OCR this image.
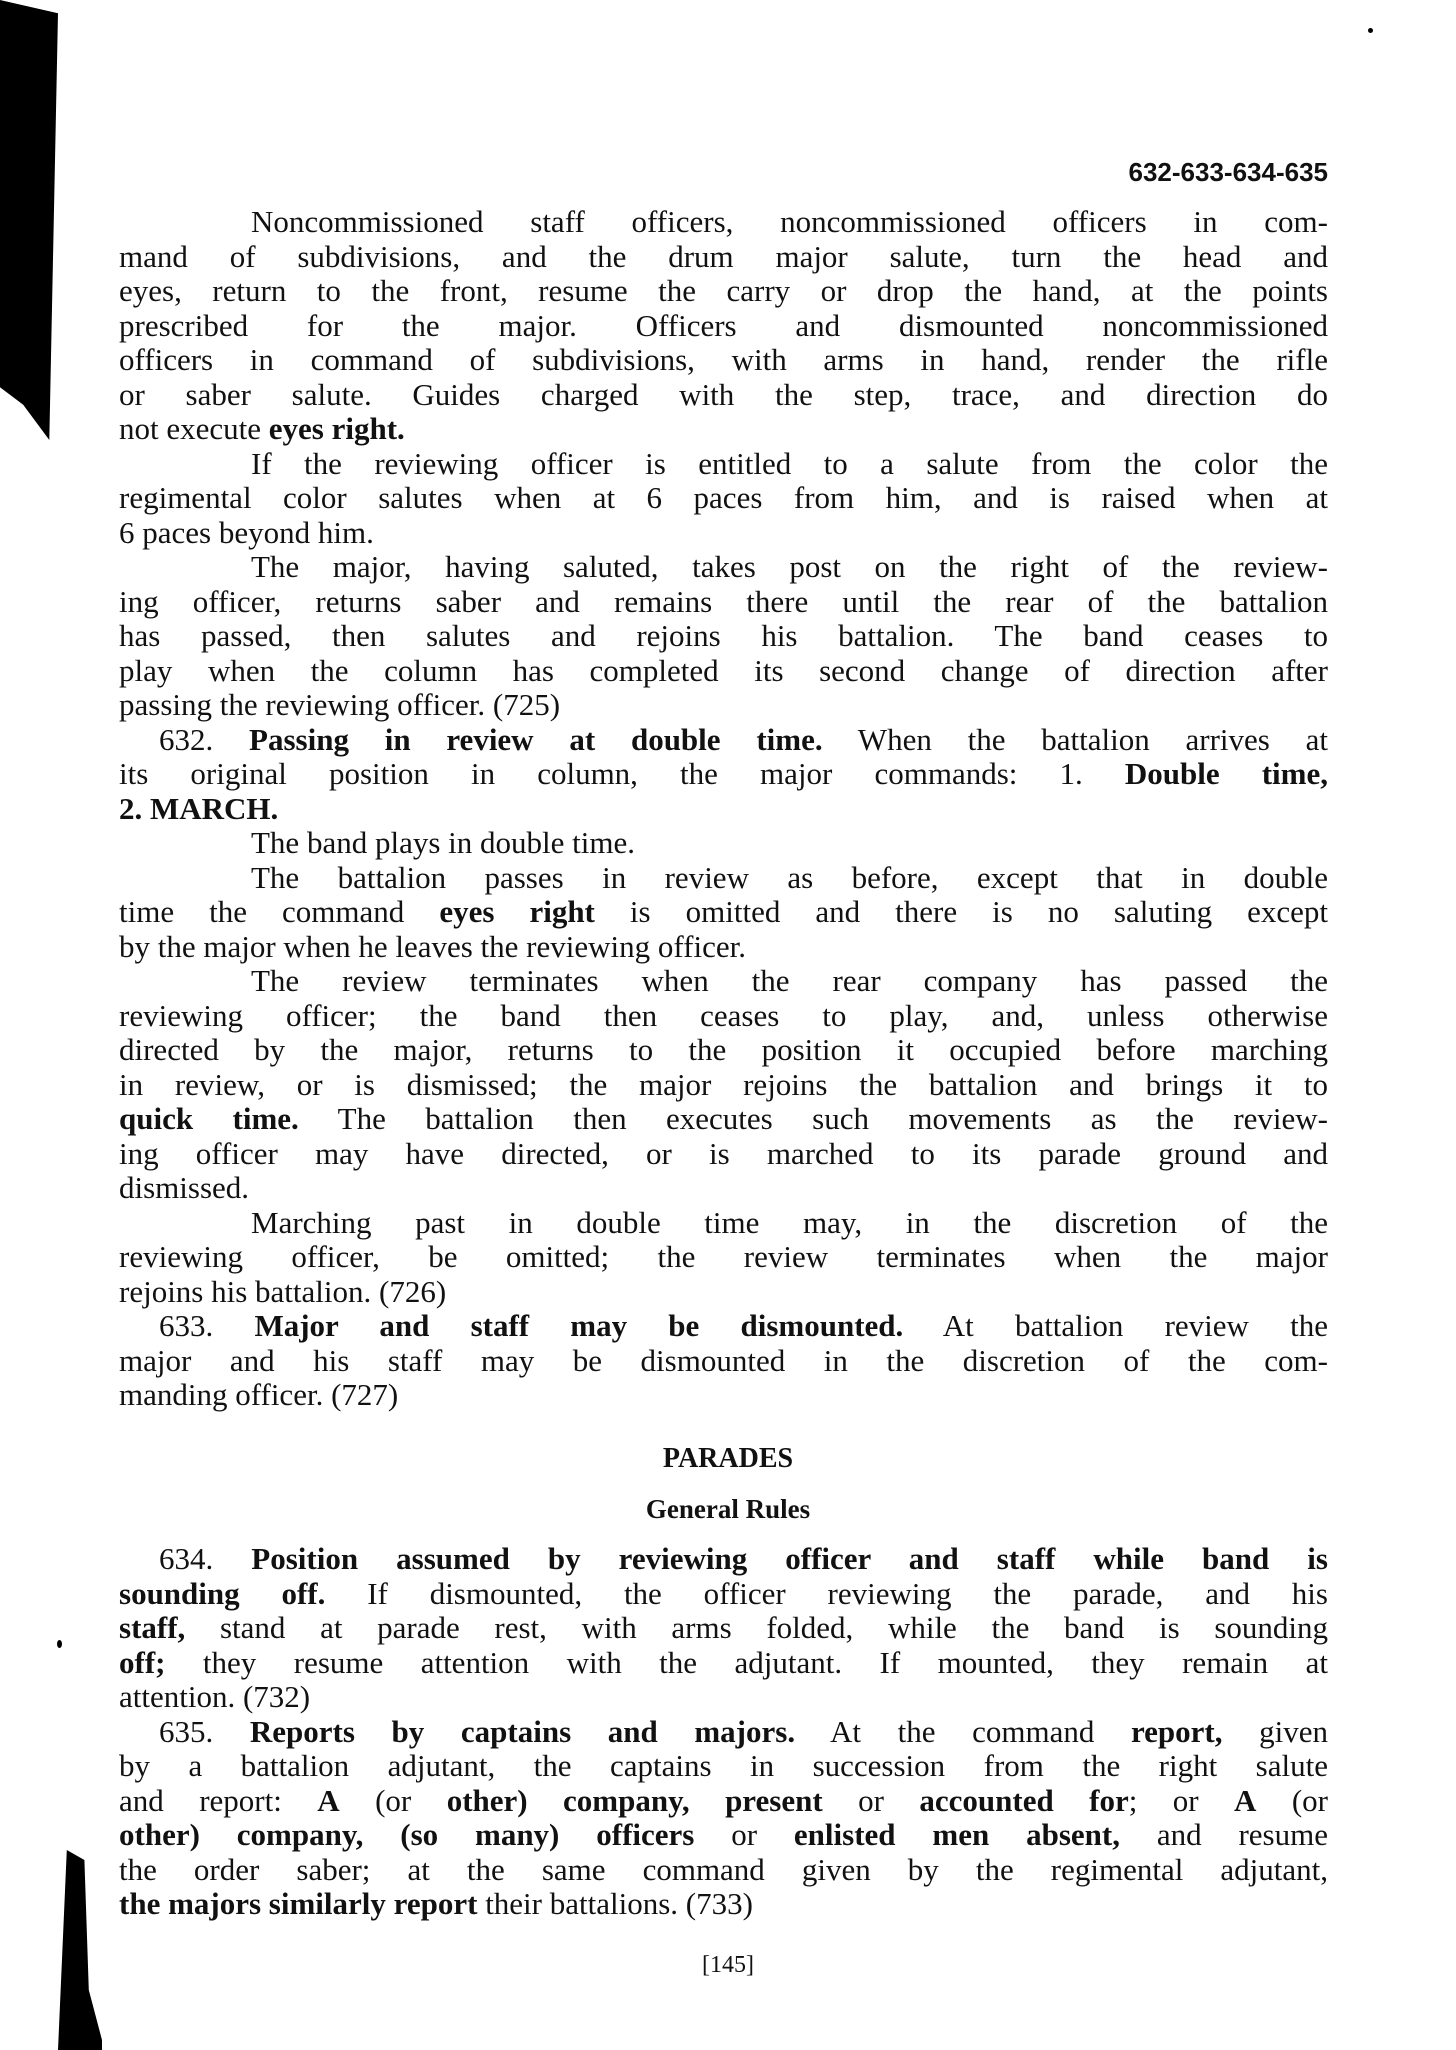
632-633-634-635
Noncommissioned staff officers, noncommissioned officers in com-
mand of subdivisions, and the drum major salute, turn the head and
eyes, return to the front, resume the carry or drop the hand, at the points
prescribed for the major. Officers and dismounted noncommissioned
officers in command of subdivisions, with arms in hand, render the rifle
or saber salute. Guides charged with the step, trace, and direction do
not execute eyes right.
If the reviewing officer is entitled to a salute from the color the
regimental color salutes when at 6 paces from him, and is raised when at
6 paces beyond him.
The major, having saluted, takes post on the right of the review-
ing officer, returns saber and remains there until the rear of the battalion
has passed, then salutes and rejoins his battalion. The band ceases to
play when the column has completed its second change of direction after
passing the reviewing officer. (725)
632. Passing in review at double time. When the battalion arrives at
its original position in column, the major commands: 1. Double time,
2. MARCH.
The band plays in double time.
The battalion passes in review as before, except that in double
time the command eyes right is omitted and there is no saluting except
by the major when he leaves the reviewing officer.
The review terminates when the rear company has passed the
reviewing officer; the band then ceases to play, and, unless otherwise
directed by the major, returns to the position it occupied before marching
in review, or is dismissed; the major rejoins the battalion and brings it to
quick time. The battalion then executes such movements as the review-
ing officer may have directed, or is marched to its parade ground and
dismissed.
Marching past in double time may, in the discretion of the
reviewing officer, be omitted; the review terminates when the major
rejoins his battalion. (726)
633. Major and staff may be dismounted. At battalion review the
major and his staff may be dismounted in the discretion of the com-
manding officer. (727)
PARADES
General Rules
634. Position assumed by reviewing officer and staff while band is
sounding off. If dismounted, the officer reviewing the parade, and his
staff, stand at parade rest, with arms folded, while the band is sounding
off; they resume attention with the adjutant. If mounted, they remain at
attention. (732)
635. Reports by captains and majors. At the command report, given
by a battalion adjutant, the captains in succession from the right salute
and report: A (or other) company, present or accounted for; or A (or
other) company, (so many) officers or enlisted men absent, and resume
the order saber; at the same command given by the regimental adjutant,
the majors similarly report their battalions. (733)
[145]
